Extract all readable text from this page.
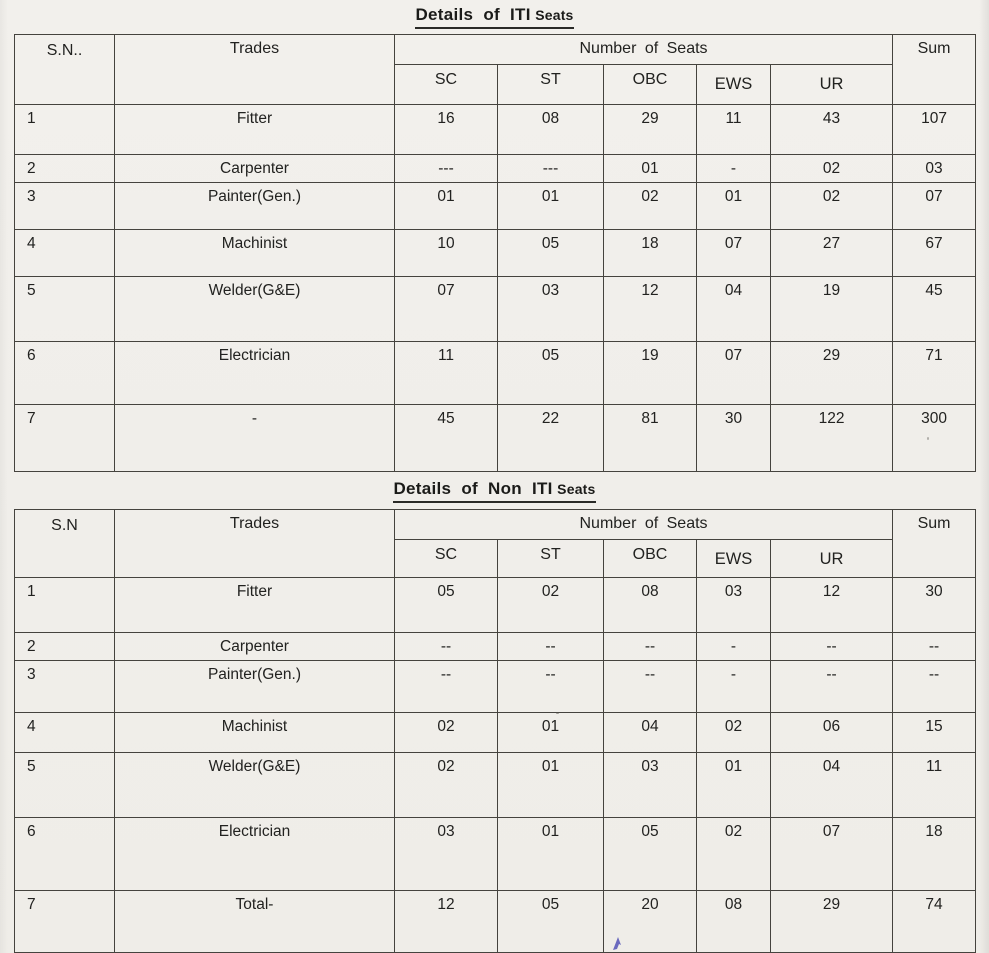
Details of ITI Seats
S.N..	Trades	Number of Seats					Sum
		SC	ST	OBC	EWS	UR	
1	Fitter	16	08	29	11	43	107
2	Carpenter	---	---	01	-	02	03
3	Painter(Gen.)	01	01	02	01	02	07
4	Machinist	10	05	18	07	27	67
5	Welder(G&E)	07	03	12	04	19	45
6	Electrician	11	05	19	07	29	71
7	-	45	22	81	30	122	300
Details of Non ITI Seats
S.N	Trades	Number of Seats					Sum
		SC	ST	OBC	EWS	UR	
1	Fitter	05	02	08	03	12	30
2	Carpenter	--	--	--	-	--	--
3	Painter(Gen.)	--	--	--	-	--	--
4	Machinist	02	01	04	02	06	15
5	Welder(G&E)	02	01	03	01	04	11
6	Electrician	03	01	05	02	07	18
7	Total-	12	05	20	08	29	74
